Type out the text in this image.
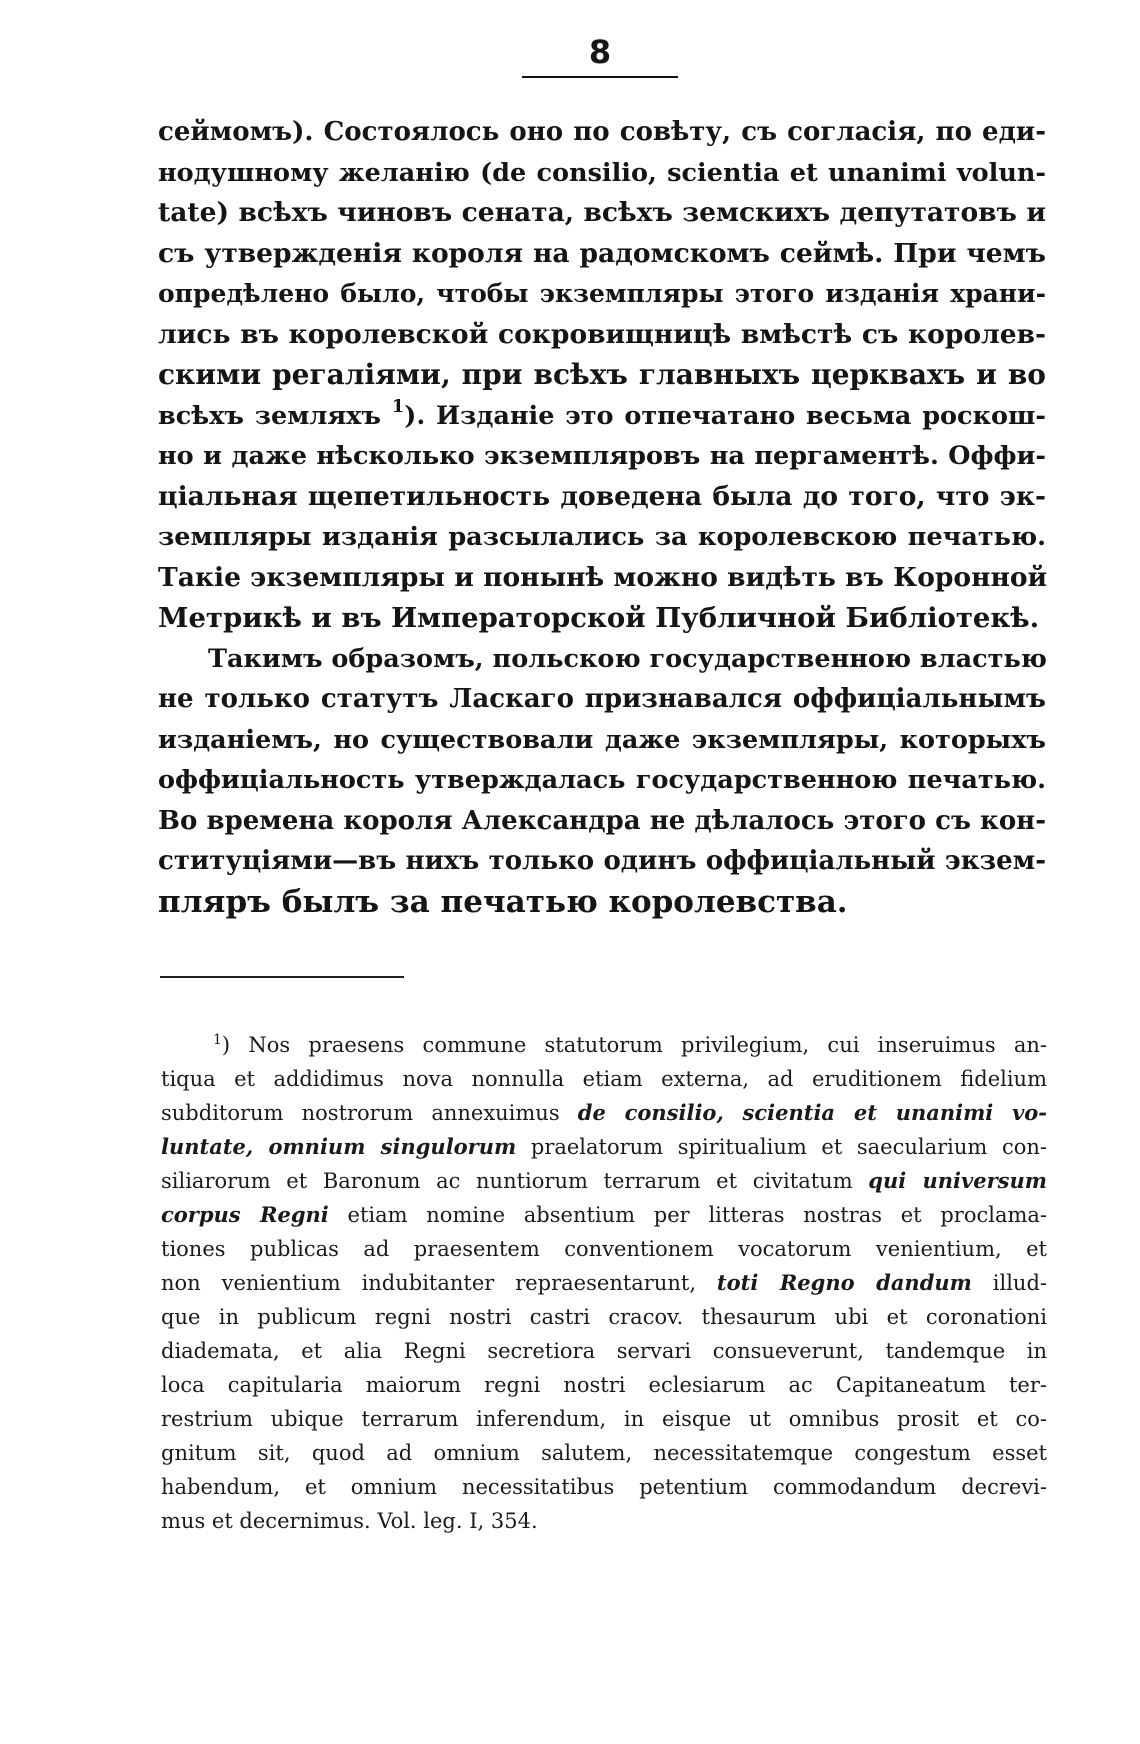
8
сеймомъ). Состоялось оно по совѣту, съ согласія, по еди-
нодушному желанію (de consilio, scientia et unanimi volun-
tate) всѣхъ чиновъ сената, всѣхъ земскихъ депутатовъ и
съ утвержденія короля на радомскомъ сеймѣ. При чемъ
опредѣлено было, чтобы экземпляры этого изданія храни-
лись въ королевской сокровищницѣ вмѣстѣ съ королев-
скими регаліями, при всѣхъ главныхъ церквахъ и во
всѣхъ земляхъ $^1$). Изданіе это отпечатано весьма роскош-
но и даже нѣсколько экземпляровъ на пергаментѣ. Оффи-
ціальная щепетильность доведена была до того, что эк-
земпляры изданія разсылались за королевскою печатью.
Такіе экземпляры и понынѣ можно видѣть въ Коронной
Метрикѣ и въ Императорской Публичной Библіотекѣ.
Такимъ образомъ, польскою государственною властью
не только статутъ Ласкаго признавался оффиціальнымъ
изданіемъ, но существовали даже экземпляры, которыхъ
оффиціальность утверждалась государственною печатью.
Во времена короля Александра не дѣлалось этого съ кон-
ституціями—въ нихъ только одинъ оффиціальный экзем-
пляръ былъ за печатью королевства.
$^1$) Nos praesens commune statutorum privilegium, cui inseruimus an-
tiqua et addidimus nova nonnulla etiam externa, ad eruditionem fidelium
subditorum nostrorum annexuimus de consilio, scientia et unanimi vo-
luntate, omnium singulorum praelatorum spiritualium et saecularium con-
siliarorum et Baronum ac nuntiorum terrarum et civitatum qui universum
corpus Regni etiam nomine absentium per litteras nostras et proclama-
tiones publicas ad praesentem conventionem vocatorum venientium, et
non venientium indubitanter repraesentarunt, toti Regno dandum illud-
que in publicum regni nostri castri cracov. thesaurum ubi et coronationi
diademata, et alia Regni secretiora servari consueverunt, tandemque in
loca capitularia maiorum regni nostri eclesiarum ac Capitaneatum ter-
restrium ubique terrarum inferendum, in eisque ut omnibus prosit et co-
gnitum sit, quod ad omnium salutem, necessitatemque congestum esset
habendum, et omnium necessitatibus petentium commodandum decrevi-
mus et decernimus. Vol. leg. I, 354.
